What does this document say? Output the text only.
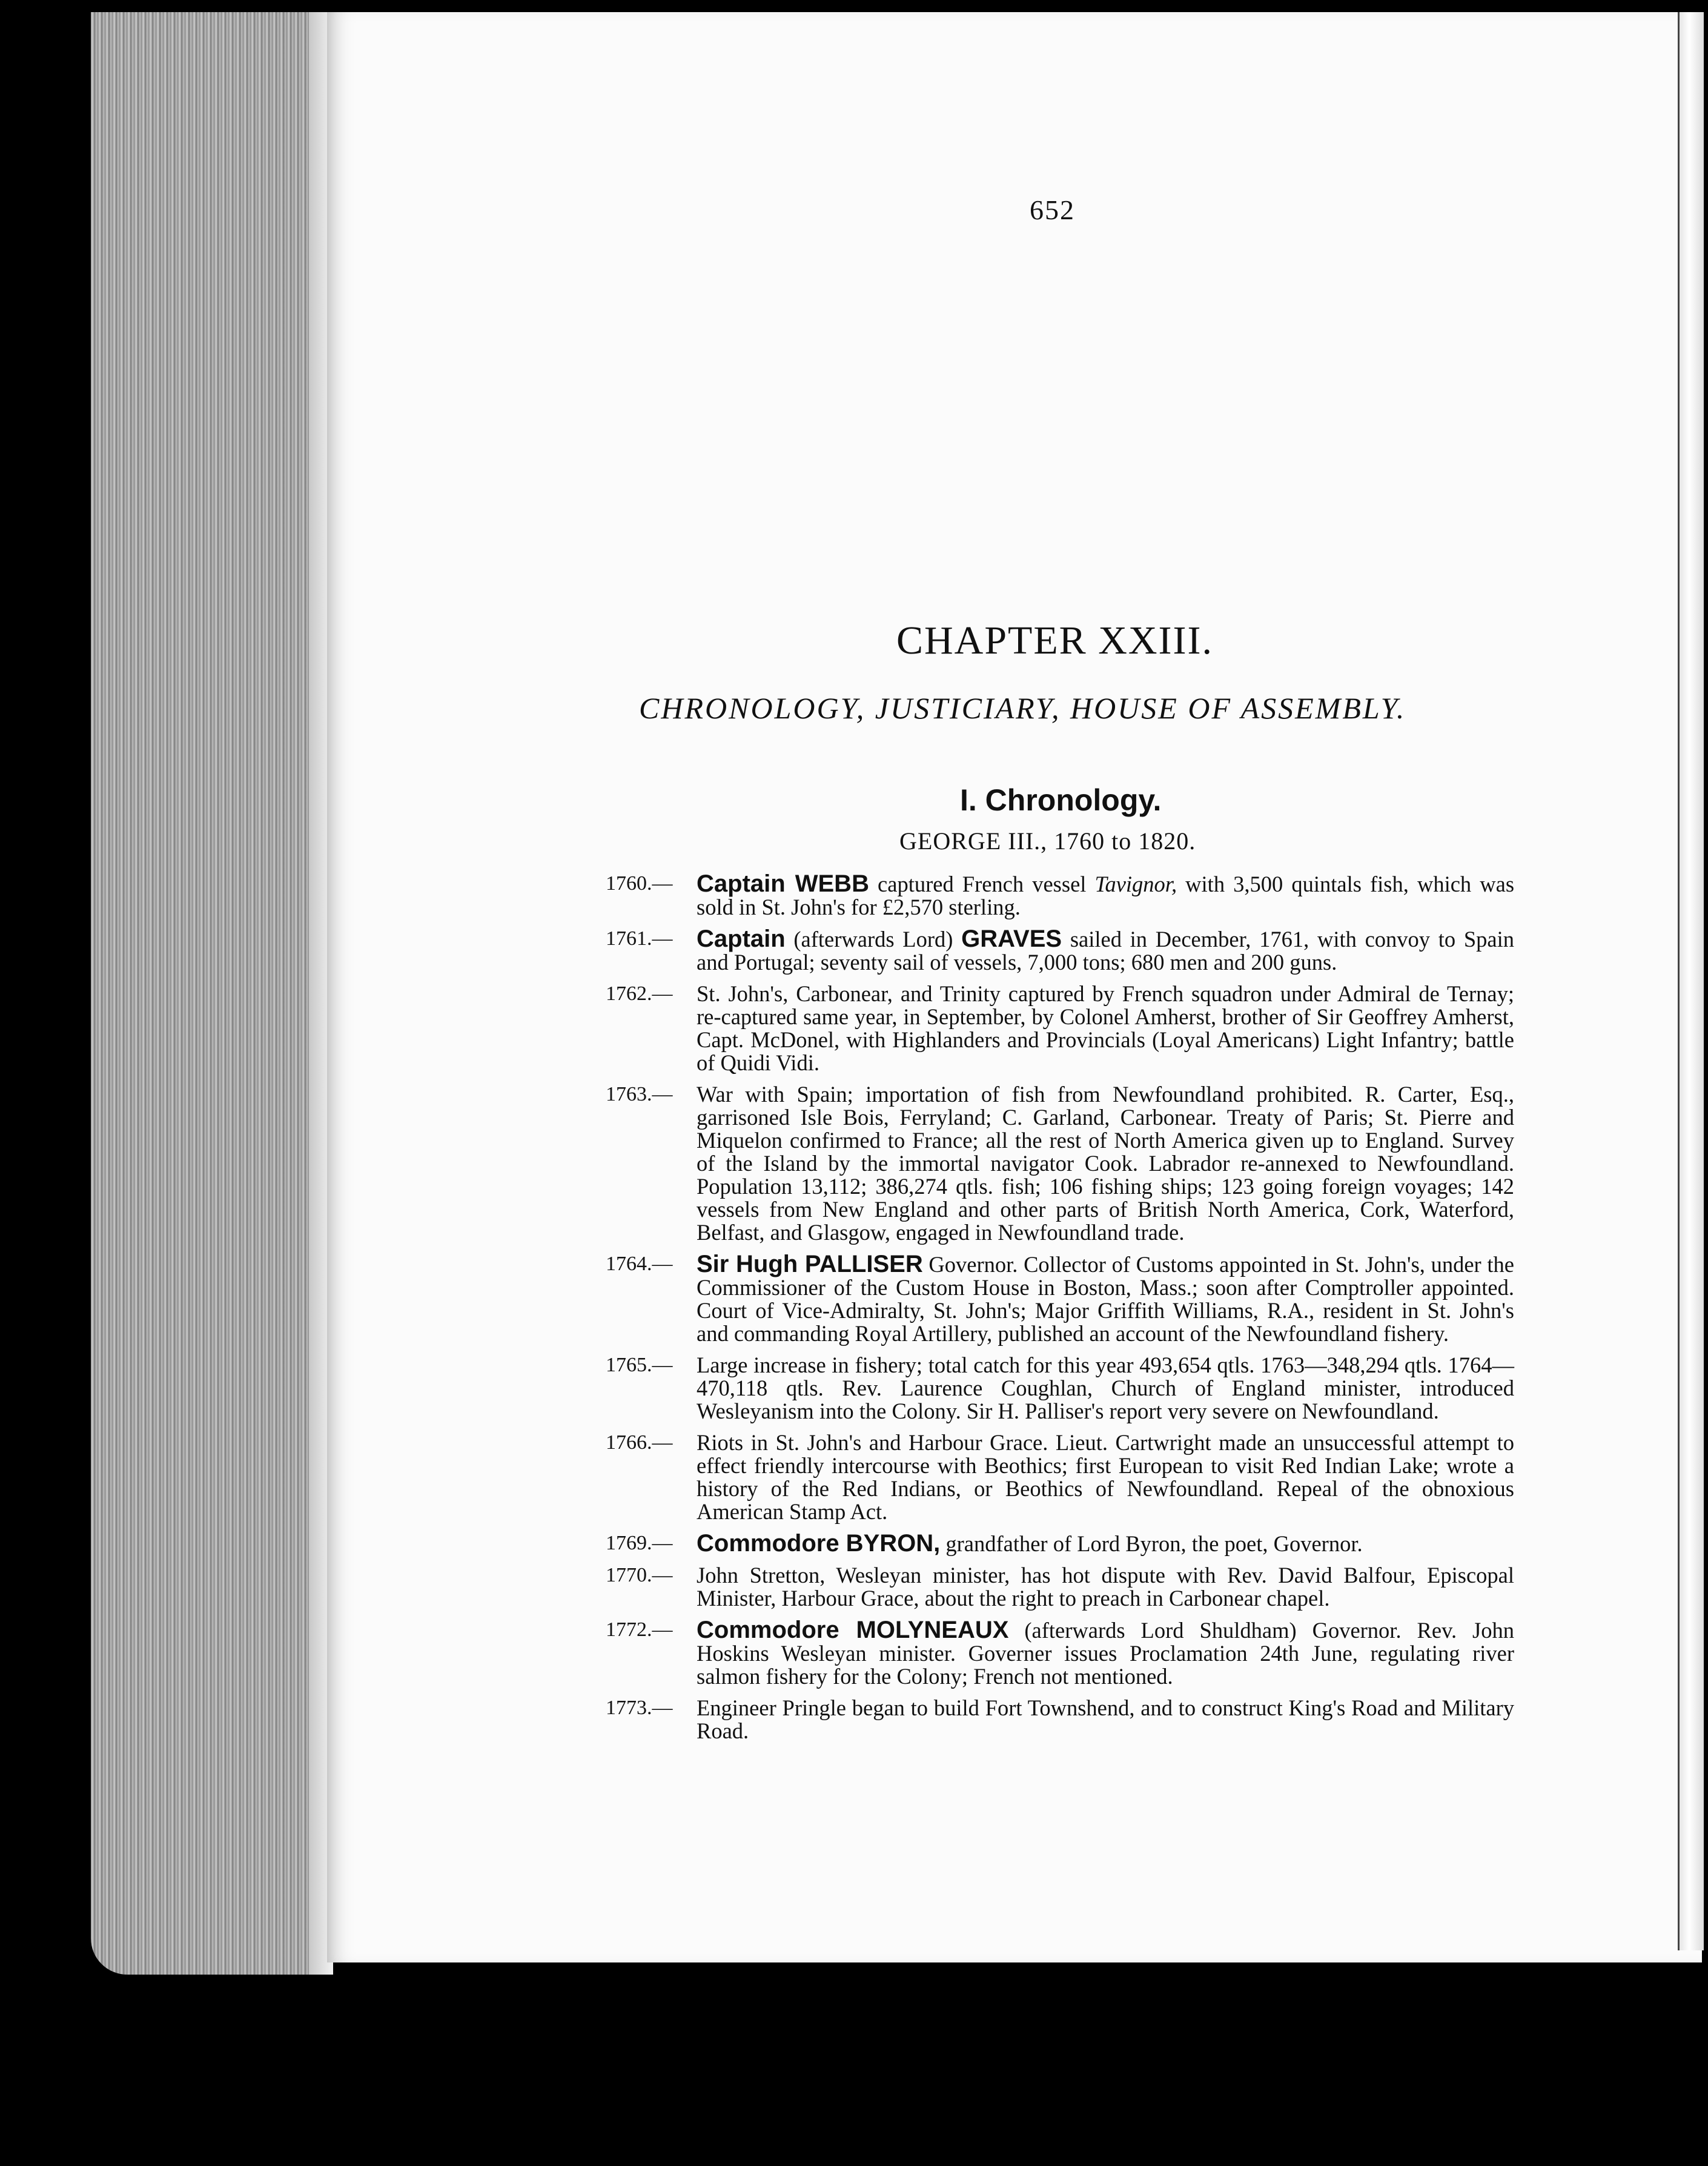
652
CHAPTER XXIII.
CHRONOLOGY, JUSTICIARY, HOUSE OF ASSEMBLY.
I. Chronology.
GEORGE III., 1760 to 1820.
1760.— Captain WEBB captured French vessel Tavignor, with 3,500 quintals fish, which was sold in St. John's for £2,570 sterling.
1761.— Captain (afterwards Lord) GRAVES sailed in December, 1761, with convoy to Spain and Portugal; seventy sail of vessels, 7,000 tons; 680 men and 200 guns.
1762.— St. John's, Carbonear, and Trinity captured by French squadron under Admiral de Ternay; re-captured same year, in September, by Colonel Amherst, brother of Sir Geoffrey Amherst, Capt. McDonel, with Highlanders and Provincials (Loyal Americans) Light Infantry; battle of Quidi Vidi.
1763.— War with Spain; importation of fish from Newfoundland prohibited. R. Carter, Esq., garrisoned Isle Bois, Ferryland; C. Garland, Carbonear. Treaty of Paris; St. Pierre and Miquelon confirmed to France; all the rest of North America given up to England. Survey of the Island by the immortal navigator Cook. Labrador re-annexed to Newfoundland. Population 13,112; 386,274 qtls. fish; 106 fishing ships; 123 going foreign voyages; 142 vessels from New England and other parts of British North America, Cork, Waterford, Belfast, and Glasgow, engaged in Newfoundland trade.
1764.— Sir Hugh PALLISER Governor. Collector of Customs appointed in St. John's, under the Commissioner of the Custom House in Boston, Mass.; soon after Comptroller appointed. Court of Vice-Admiralty, St. John's; Major Griffith Williams, R.A., resident in St. John's and commanding Royal Artillery, published an account of the Newfoundland fishery.
1765.— Large increase in fishery; total catch for this year 493,654 qtls. 1763—348,294 qtls. 1764—470,118 qtls. Rev. Laurence Coughlan, Church of England minister, introduced Wesleyanism into the Colony. Sir H. Palliser's report very severe on Newfoundland.
1766.— Riots in St. John's and Harbour Grace. Lieut. Cartwright made an unsuccessful attempt to effect friendly intercourse with Beothics; first European to visit Red Indian Lake; wrote a history of the Red Indians, or Beothics of Newfoundland. Repeal of the obnoxious American Stamp Act.
1769.— Commodore BYRON, grandfather of Lord Byron, the poet, Governor.
1770.— John Stretton, Wesleyan minister, has hot dispute with Rev. David Balfour, Episcopal Minister, Harbour Grace, about the right to preach in Carbonear chapel.
1772.— Commodore MOLYNEAUX (afterwards Lord Shuldham) Governor. Rev. John Hoskins Wesleyan minister. Governer issues Proclamation 24th June, regulating river salmon fishery for the Colony; French not mentioned.
1773.— Engineer Pringle began to build Fort Townshend, and to construct King's Road and Military Road.
